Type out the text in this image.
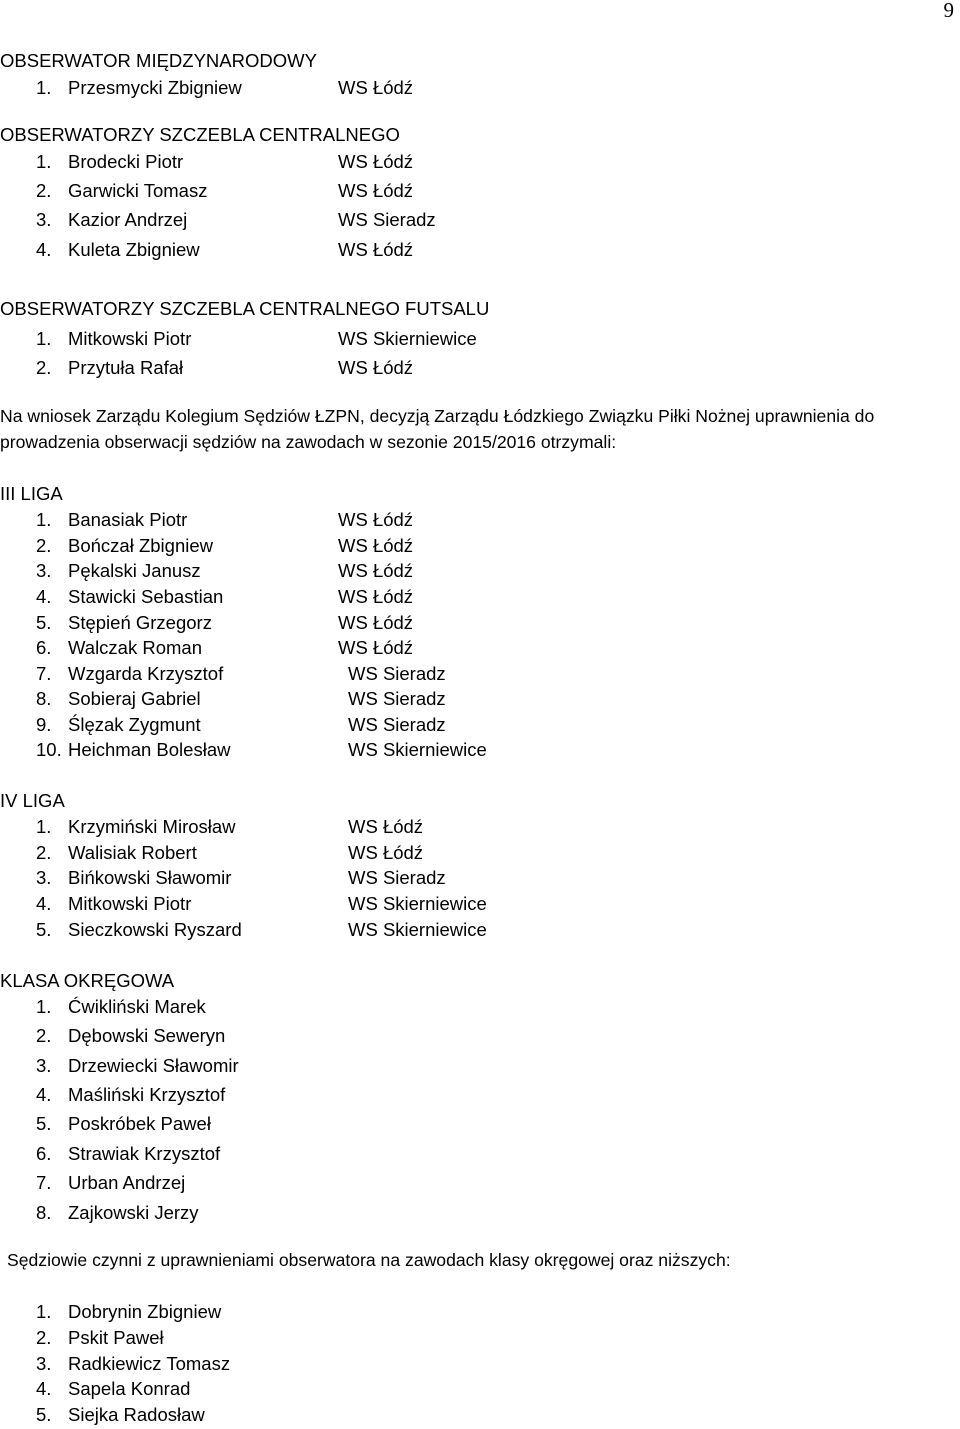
9
OBSERWATOR MIĘDZYNARODOWY
1. Przesmycki Zbigniew	WS Łódź
OBSERWATORZY SZCZEBLA CENTRALNEGO
1. Brodecki Piotr	WS Łódź
2. Garwicki Tomasz	WS Łódź
3. Kazior Andrzej	WS Sieradz
4. Kuleta Zbigniew	WS Łódź
OBSERWATORZY SZCZEBLA CENTRALNEGO FUTSALU
1. Mitkowski Piotr	WS Skierniewice
2. Przytuła Rafał	WS Łódź
Na wniosek Zarządu Kolegium Sędziów ŁZPN, decyzją Zarządu Łódzkiego Związku Piłki Nożnej uprawnienia do
prowadzenia obserwacji sędziów na zawodach w sezonie 2015/2016 otrzymali:
III LIGA
1. Banasiak Piotr	WS Łódź
2. Bończał Zbigniew	WS Łódź
3. Pękalski Janusz	WS Łódź
4. Stawicki Sebastian	WS Łódź
5. Stępień Grzegorz	WS Łódź
6. Walczak Roman	WS Łódź
7. Wzgarda Krzysztof	WS Sieradz
8. Sobieraj Gabriel	WS Sieradz
9. Ślęzak Zygmunt	WS Sieradz
10. Heichman Bolesław	WS Skierniewice
IV LIGA
1. Krzymiński Mirosław	WS Łódź
2. Walisiak Robert	WS Łódź
3. Bińkowski Sławomir	WS Sieradz
4. Mitkowski Piotr	WS Skierniewice
5. Sieczkowski Ryszard	WS Skierniewice
KLASA OKRĘGOWA
1. Ćwikliński Marek
2. Dębowski Seweryn
3. Drzewiecki Sławomir
4. Maśliński Krzysztof
5. Poskróbek Paweł
6. Strawiak Krzysztof
7. Urban Andrzej
8. Zajkowski Jerzy
Sędziowie czynni z uprawnieniami obserwatora na zawodach klasy okręgowej oraz niższych:
1. Dobrynin Zbigniew
2. Pskit Paweł
3. Radkiewicz Tomasz
4. Sapela Konrad
5. Siejka Radosław
